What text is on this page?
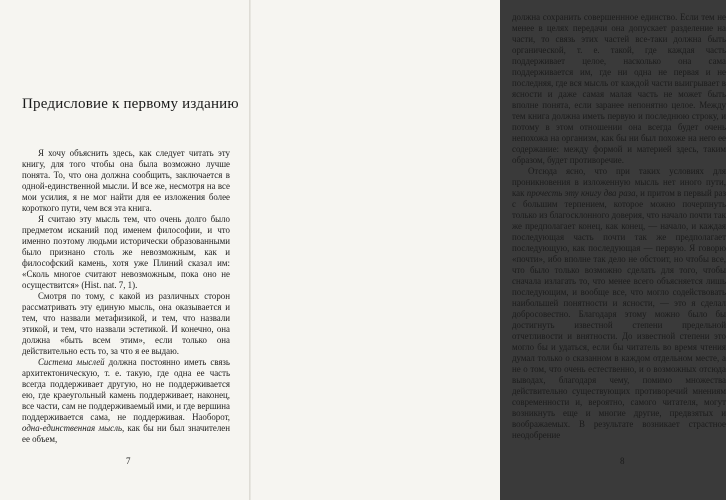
Предисловие к первому изданию

Я хочу объяснить здесь, как следует читать эту книгу, для того чтобы она была возможно лучше понята. То, что она должна сообщить, заключается в одной-единственной мысли. И все же, несмотря на все мои усилия, я не мог найти для ее изложения более короткого пути, чем вся эта книга.

Я считаю эту мысль тем, что очень долго было предметом исканий под именем философии, и что именно поэтому людьми исторически образованными было признано столь же невозможным, как и философский камень, хотя уже Плиний сказал им: «Сколь многое считают невозможным, пока оно не осуществится» (Hist. nat. 7, 1).

Смотря по тому, с какой из различных сторон рассматривать эту единую мысль, она оказывается и тем, что назвали метафизикой, и тем, что назвали этикой, и тем, что назвали эстетикой. И конечно, она должна «быть всем этим», если только она действительно есть то, за что я ее выдаю.

Система мыслей должна постоянно иметь связь архитектоническую, т. е. такую, где одна ее часть всегда поддерживает другую, но не поддерживается ею, где краеугольный камень поддерживает, наконец, все части, сам не поддерживаемый ими, и где вершина поддерживается сама, не поддерживая. Наоборот, одна-единственная мысль, как бы ни был значителен ее объем,

7

должна сохранить совершеннное единство. Если тем не менее в целях передачи она допускает разделение на части, то связь этих частей все-таки должна быть органической, т. е. такой, где каждая часть поддерживает целое, насколько она сама поддерживается им, где ни одна не первая и не последняя, где вся мысль от каждой части выигрывает в ясности и даже самая малая часть не может быть вполне понята, если заранее непонятно целое. Между тем книга должна иметь первую и последнюю строку, и потому в этом отношении она всегда будет очень непохожа на организм, как бы ни был похоже на него ее содержание: между формой и материей здесь, таким образом, будет противоречие.

Отсюда ясно, что при таких условиях для проникновения в изложенную мысль нет иного пути, как прочесть эту книгу два раза, и притом в первый раз с большим терпением, которое можно почерпнуть только из благосклонного доверия, что начало почти так же предполагает конец, как конец, — начало, и каждая последующая часть почти так же предполагает последующую, как последующая — первую. Я говорю «почти», ибо вполне так дело не обстоит, но чтобы все, что было только возможно сделать для того, чтобы сначала излагать то, что менее всего объясняется лишь последующим, и вообще все, что могло содействовать наибольшей понятности и ясности, — это я сделал добросовестно. Благодаря этому можно было бы достигнуть известной степени предельной отчетливости и внятности. До известной степени это могло бы и удаться, если бы читатель во время чтения думал только о сказанном в каждом отдельном месте, а не о том, что очень естественно, и о возможных отсюда выводах, благодаря чему, помимо множества действительно существующих противоречий мнениям современности и, вероятно, самого читателя, могут возникнуть еще и многие другие, предвзятых и воображаемых. В результате возникает страстное неодобрение

8
